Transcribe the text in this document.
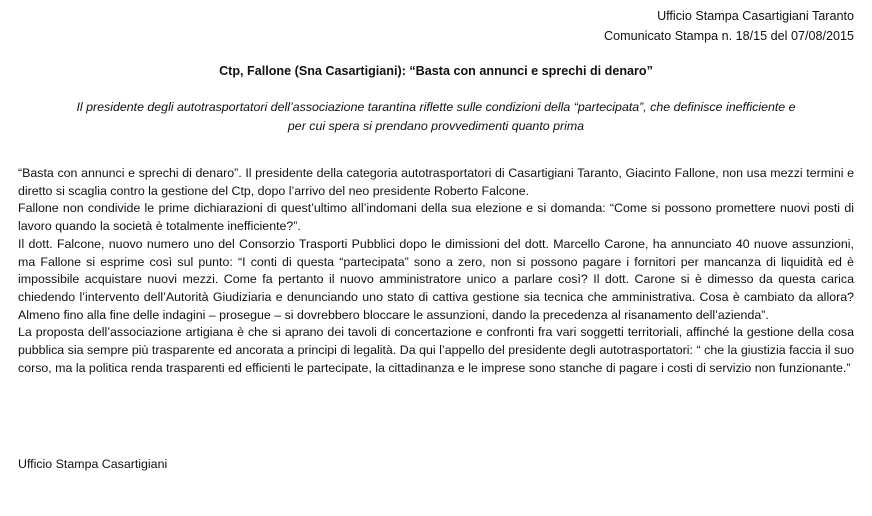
Ufficio Stampa Casartigiani Taranto
Comunicato Stampa n. 18/15 del 07/08/2015
Ctp, Fallone (Sna Casartigiani): “Basta con annunci e sprechi di denaro”
Il presidente degli autotrasportatori dell’associazione tarantina riflette sulle condizioni della “partecipata”, che definisce inefficiente e
per cui spera si prendano provvedimenti quanto prima

“Basta con annunci e sprechi di denaro”. Il presidente della categoria autotrasportatori di Casartigiani Taranto, Giacinto Fallone, non usa mezzi termini e diretto si scaglia contro la gestione del Ctp, dopo l’arrivo del neo presidente Roberto Falcone.

Fallone non condivide le prime dichiarazioni di quest’ultimo all’indomani della sua elezione e si domanda: “Come si possono promettere nuovi posti di lavoro quando la società è totalmente inefficiente?”.

Il dott. Falcone, nuovo numero uno del Consorzio Trasporti Pubblici dopo le dimissioni del dott. Marcello Carone, ha annunciato 40 nuove assunzioni, ma Fallone si esprime così sul punto: “I conti di questa “partecipata” sono a zero, non si possono pagare i fornitori per mancanza di liquidità ed è impossibile acquistare nuovi mezzi. Come fa pertanto il nuovo amministratore unico a parlare così? Il dott. Carone si è dimesso da questa carica chiedendo l’intervento dell’Autorità Giudiziaria e denunciando uno stato di cattiva gestione sia tecnica che amministrativa. Cosa è cambiato da allora? Almeno fino alla fine delle indagini – prosegue – si dovrebbero bloccare le assunzioni, dando la precedenza al risanamento dell’azienda”.

La proposta dell’associazione artigiana è che si aprano dei tavoli di concertazione e confronti fra vari soggetti territoriali, affinché la gestione della cosa pubblica sia sempre più trasparente ed ancorata a principi di legalità. Da qui l’appello del presidente degli autotrasportatori: “ che la giustizia faccia il suo corso, ma la politica renda trasparenti ed efficienti le partecipate, la cittadinanza e le imprese sono stanche di pagare i costi di servizio non funzionante.”

Ufficio Stampa Casartigiani
